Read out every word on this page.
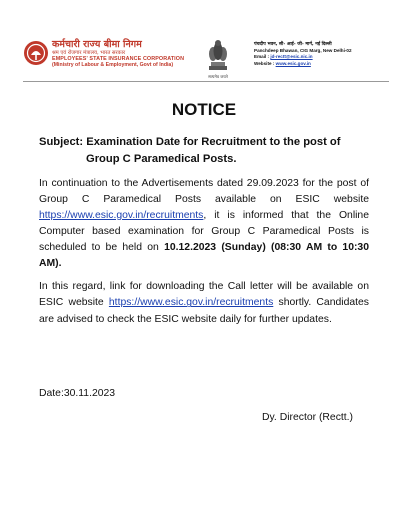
कर्मचारी राज्य बीमा निगम
श्रम एवं रोजगार मंत्रालय, भारत सरकार
EMPLOYEES' STATE INSURANCE CORPORATION
(Ministry of Labour & Employment, Govt of India)
सत्यमेव जयते
पंचदीप भवन, सी- आई- जी- मार्ग, नई दिल्ली
Panchdeep Bhawan, CIG Marg, New Delhi-02
Email : jd-rectt@esic.nic.in
Website : www.esic.gov.in
NOTICE
Subject: Examination Date for Recruitment to the post of
Group C Paramedical Posts.

In continuation to the Advertisements dated 29.09.2023 for the post of Group C Paramedical Posts available on ESIC website https://www.esic.gov.in/recruitments, it is informed that the Online Computer based examination for Group C Paramedical Posts is scheduled to be held on 10.12.2023 (Sunday) (08:30 AM to 10:30 AM).

In this regard, link for downloading the Call letter will be available on ESIC website https://www.esic.gov.in/recruitments shortly. Candidates are advised to check the ESIC website daily for further updates.

Date:30.11.2023
Dy. Director (Rectt.)
